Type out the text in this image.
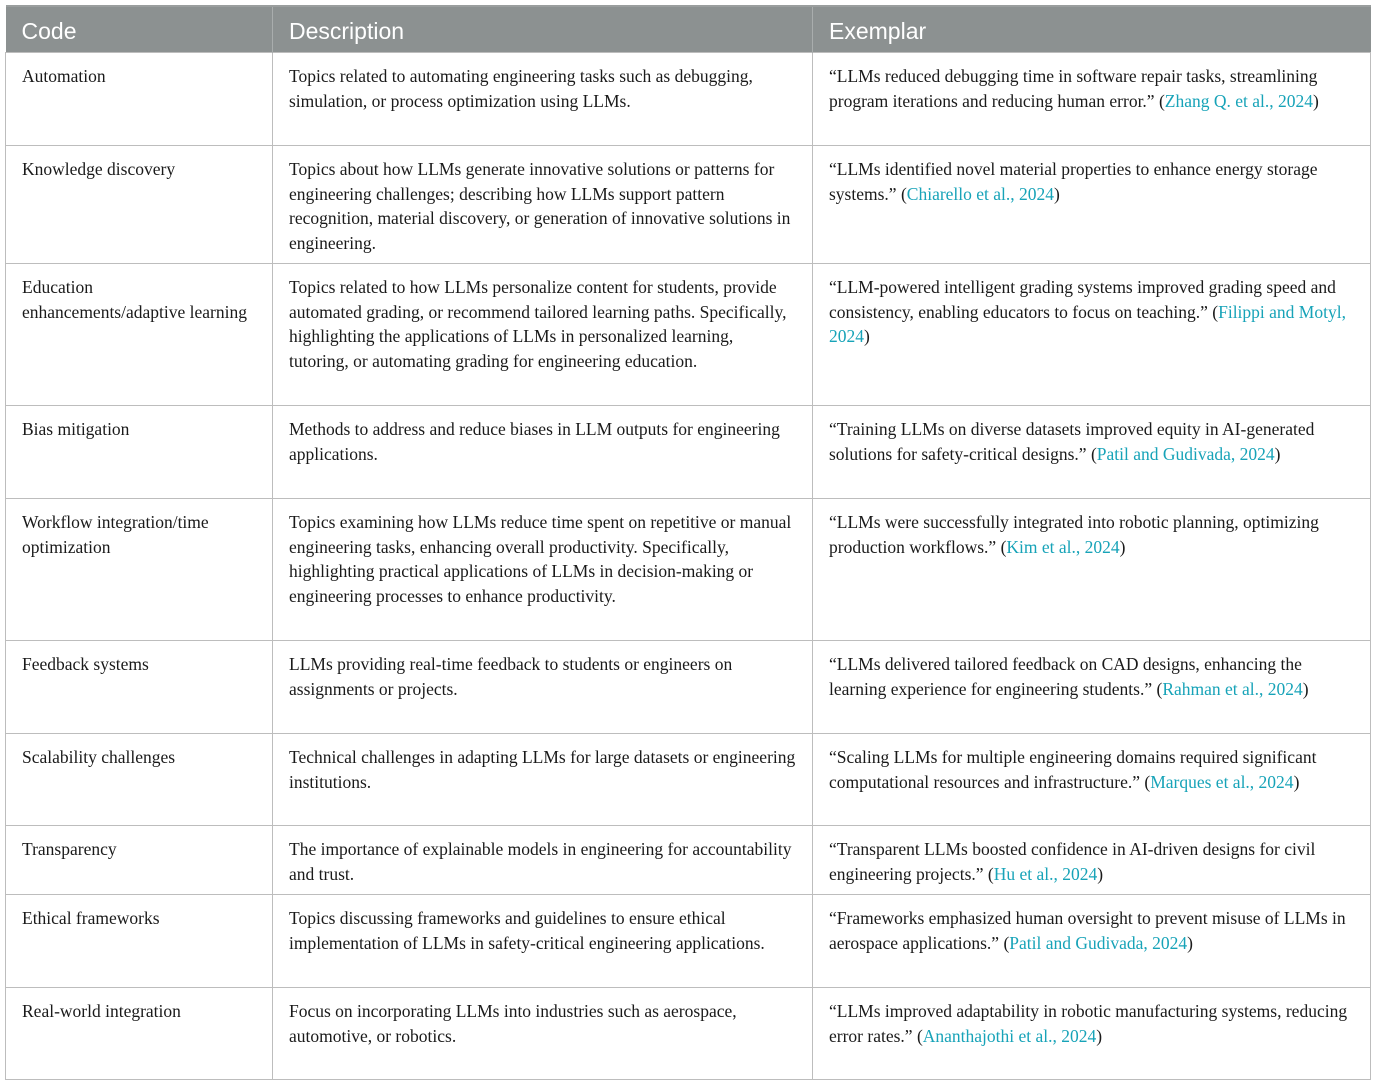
Code	Description	Exemplar
Automation	Topics related to automating engineering tasks such as debugging, simulation, or process optimization using LLMs.	“LLMs reduced debugging time in software repair tasks, streamlining program iterations and reducing human error.” (Zhang Q. et al., 2024)
Knowledge discovery	Topics about how LLMs generate innovative solutions or patterns for engineering challenges; describing how LLMs support pattern recognition, material discovery, or generation of innovative solutions in engineering.	“LLMs identified novel material properties to enhance energy storage systems.” (Chiarello et al., 2024)
Education enhancements/adaptive learning	Topics related to how LLMs personalize content for students, provide automated grading, or recommend tailored learning paths. Specifically, highlighting the applications of LLMs in personalized learning, tutoring, or automating grading for engineering education.	“LLM-powered intelligent grading systems improved grading speed and consistency, enabling educators to focus on teaching.” (Filippi and Motyl, 2024)
Bias mitigation	Methods to address and reduce biases in LLM outputs for engineering applications.	“Training LLMs on diverse datasets improved equity in AI-generated solutions for safety-critical designs.” (Patil and Gudivada, 2024)
Workflow integration/time optimization	Topics examining how LLMs reduce time spent on repetitive or manual engineering tasks, enhancing overall productivity. Specifically, highlighting practical applications of LLMs in decision-making or engineering processes to enhance productivity.	“LLMs were successfully integrated into robotic planning, optimizing production workflows.” (Kim et al., 2024)
Feedback systems	LLMs providing real-time feedback to students or engineers on assignments or projects.	“LLMs delivered tailored feedback on CAD designs, enhancing the learning experience for engineering students.” (Rahman et al., 2024)
Scalability challenges	Technical challenges in adapting LLMs for large datasets or engineering institutions.	“Scaling LLMs for multiple engineering domains required significant computational resources and infrastructure.” (Marques et al., 2024)
Transparency	The importance of explainable models in engineering for accountability and trust.	“Transparent LLMs boosted confidence in AI-driven designs for civil engineering projects.” (Hu et al., 2024)
Ethical frameworks	Topics discussing frameworks and guidelines to ensure ethical implementation of LLMs in safety-critical engineering applications.	“Frameworks emphasized human oversight to prevent misuse of LLMs in aerospace applications.” (Patil and Gudivada, 2024)
Real-world integration	Focus on incorporating LLMs into industries such as aerospace, automotive, or robotics.	“LLMs improved adaptability in robotic manufacturing systems, reducing error rates.” (Ananthajothi et al., 2024)
